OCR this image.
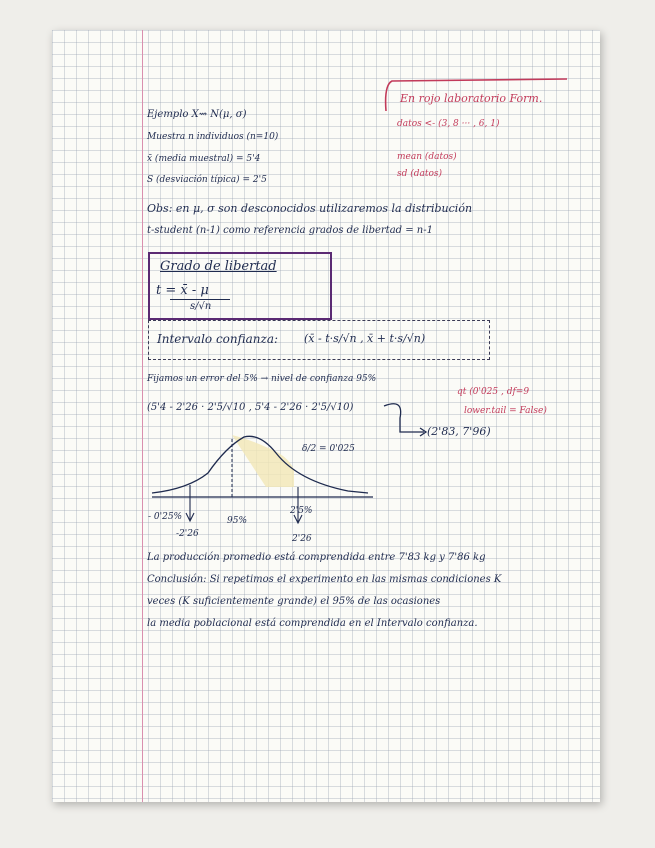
Ejemplo X⇝ N(μ, σ)
Muestra n individuos (n=10)
x̄ (media muestral) = 5'4
S (desviación típica) = 2'5
En rojo laboratorio Form.
datos <- (3, 8 ··· , 6, 1)
mean (datos)
sd (datos)
Obs: en μ, σ son desconocidos utilizaremos la distribución
t-student (n-1) como referencia grados de libertad = n-1
Grado de libertad
t = x̄ - μ
s/√n
Intervalo confianza: (x̄ - t·s/√n , x̄ + t·s/√n)
Fijamos un error del 5% → nivel de confianza 95%
qt (0'025 , df=9
lower.tail = False)
(5'4 - 2'26 · 2'5/√10 , 5'4 - 2'26 · 2'5/√10)
(2'83, 7'96)
δ/2 = 0'025
- 0'25%	95%
2'5%
-2'26	2'26
La producción promedio está comprendida entre 7'83 kg y 7'86 kg
Conclusión: Si repetimos el experimento en las mismas condiciones K
veces (K suficientemente grande) el 95% de las ocasiones
la media poblacional está comprendida en el Intervalo confianza.
